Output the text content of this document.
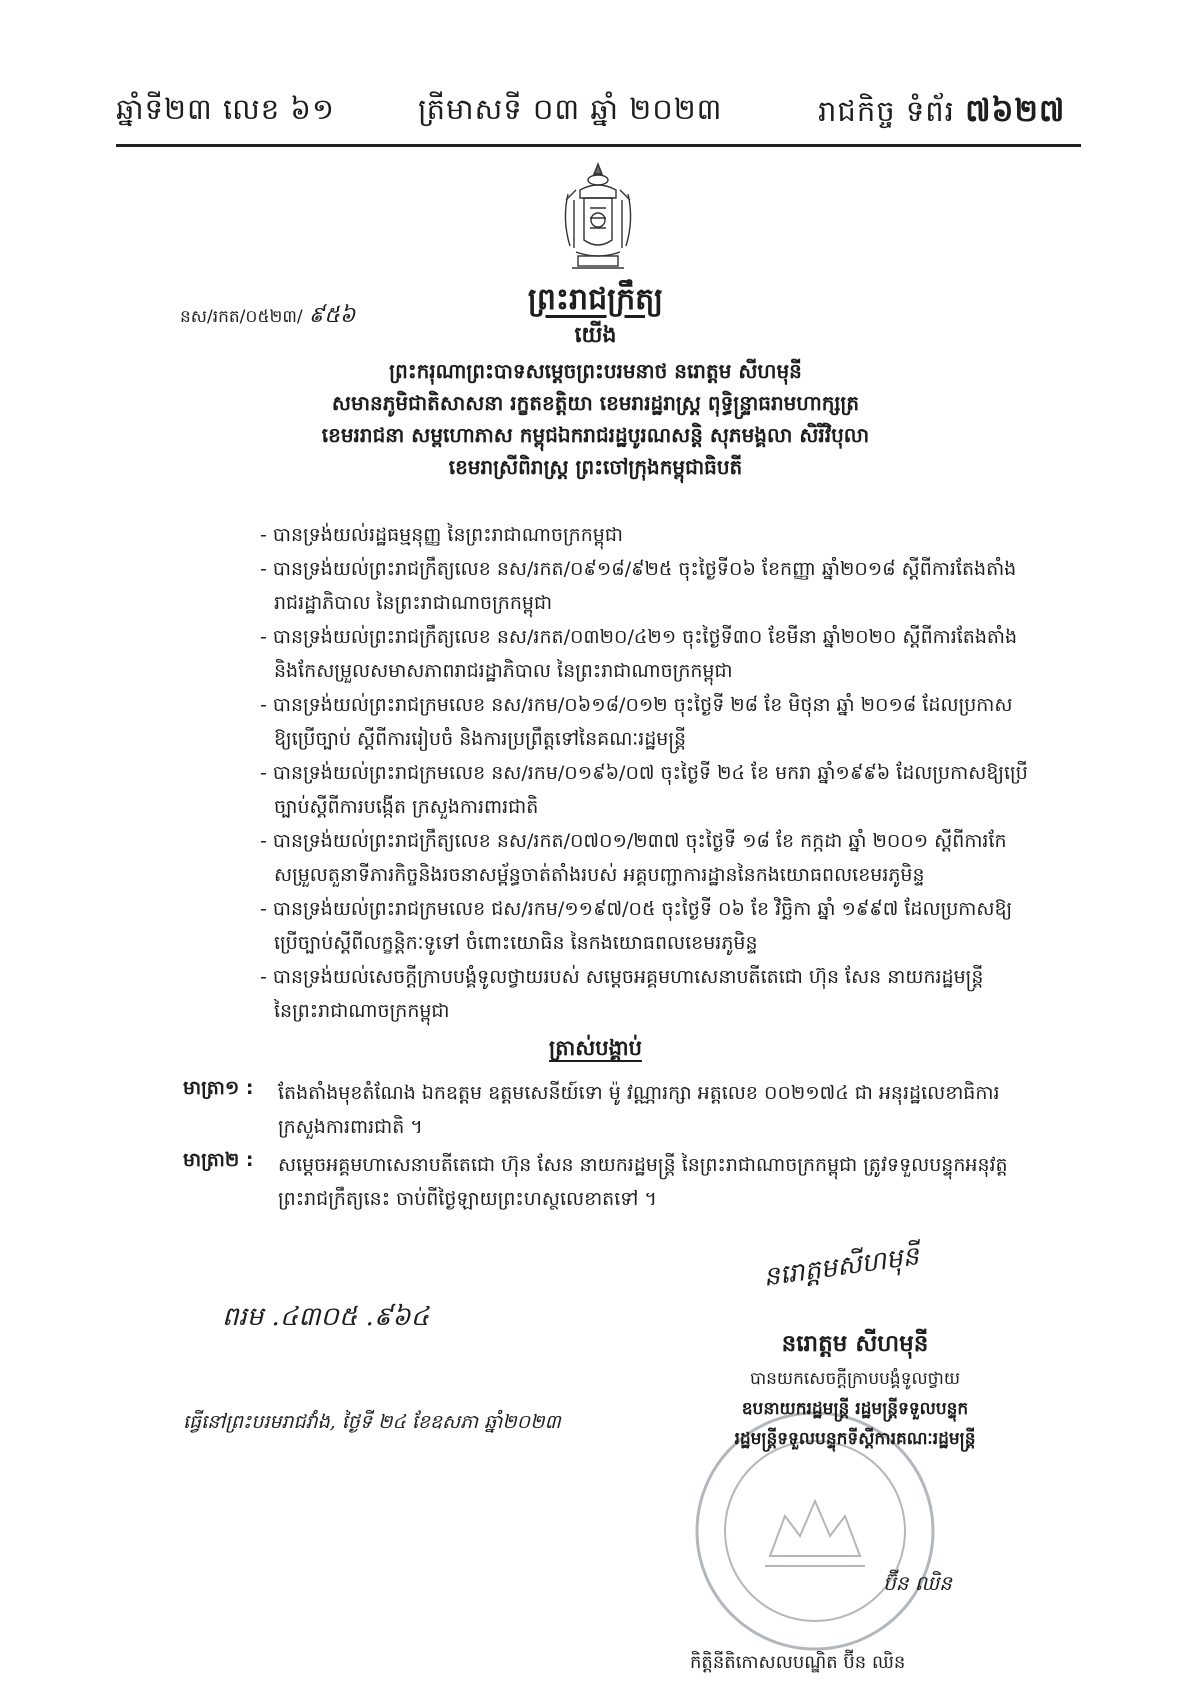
ឆ្នាំទី២៣ លេខ ៦១	ត្រីមាសទី ០៣ ឆ្នាំ ២០២៣	រាជកិច្ច ទំព័រ ៧៦២៧
ព្រះរាជក្រឹត្យ
នស/រកត/០៥២៣/ ៩៥៦
យើង
ព្រះករុណាព្រះបាទសម្ដេចព្រះបរមនាថ នរោត្តម សីហមុនី
សមានភូមិជាតិសាសនា រក្ខតខត្តិយា ខេមរារដ្ឋរាស្ត្រ ពុទ្ធិន្ទ្រាធរាមហាក្សត្រ
ខេមររាជនា សម្ពហោភាស កម្ពុជឯករាជរដ្ឋបូរណសន្តិ សុភមង្គលា សិរីវិបុលា
ខេមរាស្រីពិរាស្ត្រ ព្រះចៅក្រុងកម្ពុជាធិបតី
- បានទ្រង់យល់រដ្ឋធម្មនុញ្ញ នៃព្រះរាជាណាចក្រកម្ពុជា
- បានទ្រង់យល់ព្រះរាជក្រឹត្យលេខ នស/រកត/០៩១៨/៩២៥ ចុះថ្ងៃទី០៦ ខែកញ្ញា ឆ្នាំ២០១៨ ស្ដីពីការតែងតាំង
រាជរដ្ឋាភិបាល នៃព្រះរាជាណាចក្រកម្ពុជា
- បានទ្រង់យល់ព្រះរាជក្រឹត្យលេខ នស/រកត/០៣២០/៤២១ ចុះថ្ងៃទី៣០ ខែមីនា ឆ្នាំ២០២០ ស្ដីពីការតែងតាំង
និងកែសម្រួលសមាសភាពរាជរដ្ឋាភិបាល នៃព្រះរាជាណាចក្រកម្ពុជា
- បានទ្រង់យល់ព្រះរាជក្រមលេខ នស/រកម/០៦១៨/០១២ ចុះថ្ងៃទី ២៨ ខែ មិថុនា ឆ្នាំ ២០១៨ ដែលប្រកាស
ឱ្យប្រើច្បាប់ ស្ដីពីការរៀបចំ និងការប្រព្រឹត្តទៅនៃគណៈរដ្ឋមន្ត្រី
- បានទ្រង់យល់ព្រះរាជក្រមលេខ នស/រកម/០១៩៦/០៧ ចុះថ្ងៃទី ២៤ ខែ មករា ឆ្នាំ១៩៩៦ ដែលប្រកាសឱ្យប្រើ
ច្បាប់ស្ដីពីការបង្កើត ក្រសួងការពារជាតិ
- បានទ្រង់យល់ព្រះរាជក្រឹត្យលេខ នស/រកត/០៧០១/២៣៧ ចុះថ្ងៃទី ១៨ ខែ កក្កដា ឆ្នាំ ២០០១ ស្ដីពីការកែ
សម្រួលតួនាទីភារកិច្ចនិងរចនាសម្ព័ន្ធចាត់តាំងរបស់ អគ្គបញ្ជាការដ្ឋាននៃកងយោធពលខេមរភូមិន្ទ
- បានទ្រង់យល់ព្រះរាជក្រមលេខ ជស/រកម/១១៩៧/០៥ ចុះថ្ងៃទី ០៦ ខែ វិច្ឆិកា ឆ្នាំ ១៩៩៧ ដែលប្រកាសឱ្យ
ប្រើច្បាប់ស្ដីពីលក្ខន្តិកៈទូទៅ ចំពោះយោធិន នៃកងយោធពលខេមរភូមិន្ទ
- បានទ្រង់យល់សេចក្ដីក្រាបបង្គំទូលថ្វាយរបស់ សម្ដេចអគ្គមហាសេនាបតីតេជោ ហ៊ុន សែន នាយករដ្ឋមន្ត្រី
នៃព្រះរាជាណាចក្រកម្ពុជា
ត្រាស់បង្គាប់
មាត្រា១ : តែងតាំងមុខតំណែង ឯកឧត្តម ឧត្តមសេនីយ៍ទោ ម៉ូ វណ្ណារក្សា អត្តលេខ ០០២១៧៤ ជា អនុរដ្ឋលេខាធិការ
ក្រសួងការពារជាតិ ។
មាត្រា២ : សម្ដេចអគ្គមហាសេនាបតីតេជោ ហ៊ុន សែន នាយករដ្ឋមន្ត្រី នៃព្រះរាជាណាចក្រកម្ពុជា ត្រូវទទួលបន្ទុកអនុវត្ត
ព្រះរាជក្រឹត្យនេះ ចាប់ពីថ្ងៃឡាយព្រះហស្ថលេខាតទៅ ។
ពរម .៤៣០៥ .៩៦៤
ធ្វើនៅព្រះបរមរាជវាំង, ថ្ងៃទី ២៤ ខែឧសភា ឆ្នាំ២០២៣
នរោត្តមសីហមុនី
នរោត្តម សីហមុនី
បានយកសេចក្ដីក្រាបបង្គំទូលថ្វាយ
ឧបនាយករដ្ឋមន្ត្រី រដ្ឋមន្ត្រីទទួលបន្ទុក
រដ្ឋមន្ត្រីទទួលបន្ទុកទីស្ដីការគណៈរដ្ឋមន្ត្រី
ប៊ីន ឈិន
កិត្តិនីតិកោសលបណ្ឌិត ប៊ីន ឈិន
